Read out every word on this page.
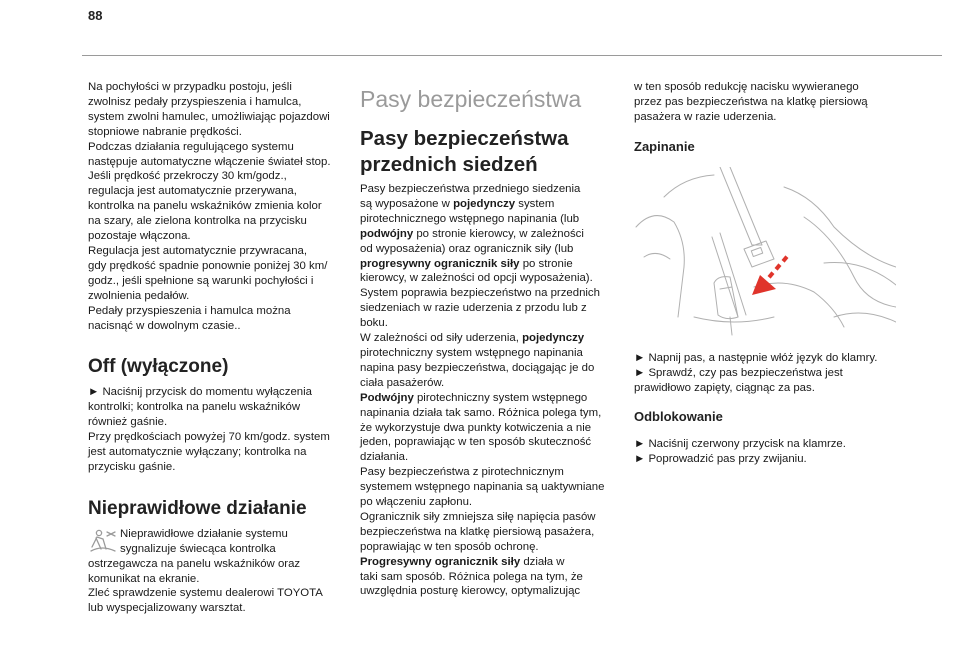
88

Na pochyłości w przypadku postoju, jeśli

zwolnisz pedały przyspieszenia i hamulca,

system zwolni hamulec, umożliwiając pojazdowi

stopniowe nabranie prędkości.

Podczas działania regulującego systemu

następuje automatyczne włączenie świateł stop.

Jeśli prędkość przekroczy 30 km/godz.,

regulacja jest automatycznie przerywana,

kontrolka na panelu wskaźników zmienia kolor

na szary, ale zielona kontrolka na przycisku

pozostaje włączona.

Regulacja jest automatycznie przywracana,

gdy prędkość spadnie ponownie poniżej 30 km/

godz., jeśli spełnione są warunki pochyłości i

zwolnienia pedałów.

Pedały przyspieszenia i hamulca można

nacisnąć w dowolnym czasie..

Off (wyłączone)

► Naciśnij przycisk do momentu wyłączenia

kontrolki; kontrolka na panelu wskaźników

również gaśnie.

Przy prędkościach powyżej 70 km/godz. system

jest automatycznie wyłączany; kontrolka na

przycisku gaśnie.

Nieprawidłowe działanie

Nieprawidłowe działanie systemu

sygnalizuje świecąca kontrolka

ostrzegawcza na panelu wskaźników oraz

komunikat na ekranie.

Zleć sprawdzenie systemu dealerowi TOYOTA

lub wyspecjalizowany warsztat.

Pasy bezpieczeństwa
Pasy bezpieczeństwa
przednich siedzeń

Pasy bezpieczeństwa przedniego siedzenia

są wyposażone w pojedynczy system

pirotechnicznego wstępnego napinania (lub

podwójny po stronie kierowcy, w zależności

od wyposażenia) oraz ogranicznik siły (lub

progresywny ogranicznik siły po stronie

kierowcy, w zależności od opcji wyposażenia).

System poprawia bezpieczeństwo na przednich

siedzeniach w razie uderzenia z przodu lub z

boku.

W zależności od siły uderzenia, pojedynczy

pirotechniczny system wstępnego napinania

napina pasy bezpieczeństwa, dociągając je do

ciała pasażerów.

Podwójny pirotechniczny system wstępnego

napinania działa tak samo. Różnica polega tym,

że wykorzystuje dwa punkty kotwiczenia a nie

jeden, poprawiając w ten sposób skuteczność

działania.

Pasy bezpieczeństwa z pirotechnicznym

systemem wstępnego napinania są uaktywniane

po włączeniu zapłonu.

Ogranicznik siły zmniejsza siłę napięcia pasów

bezpieczeństwa na klatkę piersiową pasażera,

poprawiając w ten sposób ochronę.

Progresywny ogranicznik siły działa w

taki sam sposób. Różnica polega na tym, że

uwzględnia posturę kierowcy, optymalizując

w ten sposób redukcję nacisku wywieranego

przez pas bezpieczeństwa na klatkę piersiową

pasażera w razie uderzenia.

Zapinanie

► Napnij pas, a następnie włóż język do klamry.

► Sprawdź, czy pas bezpieczeństwa jest

prawidłowo zapięty, ciągnąc za pas.

Odblokowanie

► Naciśnij czerwony przycisk na klamrze.

► Poprowadzić pas przy zwijaniu.
